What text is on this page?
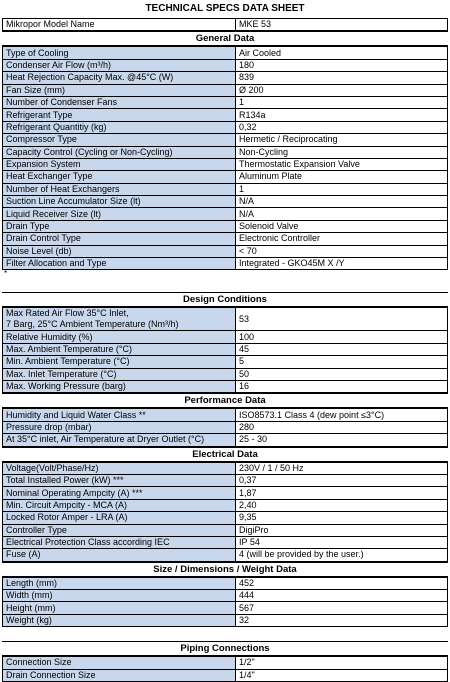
TECHNICAL SPECS DATA SHEET
Mikropor Model Name	MKE 53
General Data
Type of Cooling	Air Cooled
Condenser Air Flow (m³/h)	180
Heat Rejection Capacity Max. @45°C (W)	839
Fan Size (mm)	Ø 200
Number of Condenser Fans	1
Refrigerant Type	R134a
Refrigerant Quantitiy (kg)	0,32
Compressor Type	Hermetic / Reciprocating
Capacity Control (Cycling or Non-Cycling)	Non-Cycling
Expansion System	Thermostatic Expansion Valve
Heat Exchanger Type	Aluminum Plate
Number of Heat Exchangers	1
Suction Line Accumulator Size (lt)	N/A
Liquid Receiver Size (lt)	N/A
Drain Type	Solenoid Valve
Drain Control Type	Electronic Controller
Noise Level (db)	< 70
Filter Allocation and Type	Integrated - GKO45M X /Y
*
Design Conditions
Max Rated Air Flow 35°C Inlet,
7 Barg, 25°C Ambient Temperature (Nm³/h)	53
Relative Humidity (%)	100
Max. Ambient Temperature (°C)	45
Min. Ambient Temperature (°C)	5
Max. Inlet Temperature (°C)	50
Max. Working Pressure (barg)	16
Performance Data
Humidity and Liquid Water Class **	ISO8573.1 Class 4 (dew point ≤3°C)
Pressure drop (mbar)	280
At 35°C inlet, Air Temperature at Dryer Outlet (°C)	25 - 30
Electrical Data
Voltage(Volt/Phase/Hz)	230V / 1 / 50 Hz
Total Installed Power (kW) ***	0,37
Nominal Operating Ampcity (A) ***	1,87
Min. Circuit Ampcity - MCA (A)	2,40
Locked Rotor Amper - LRA (A)	9,35
Controller Type	DigiPro
Electrical Protection Class according IEC	IP 54
Fuse (A)	4 (will be provided by the user.)
Size / Dimensions / Weight Data
Length (mm)	452
Width (mm)	444
Height (mm)	567
Weight (kg)	32
Piping Connections
Connection Size	1/2"
Drain Connection Size	1/4"
